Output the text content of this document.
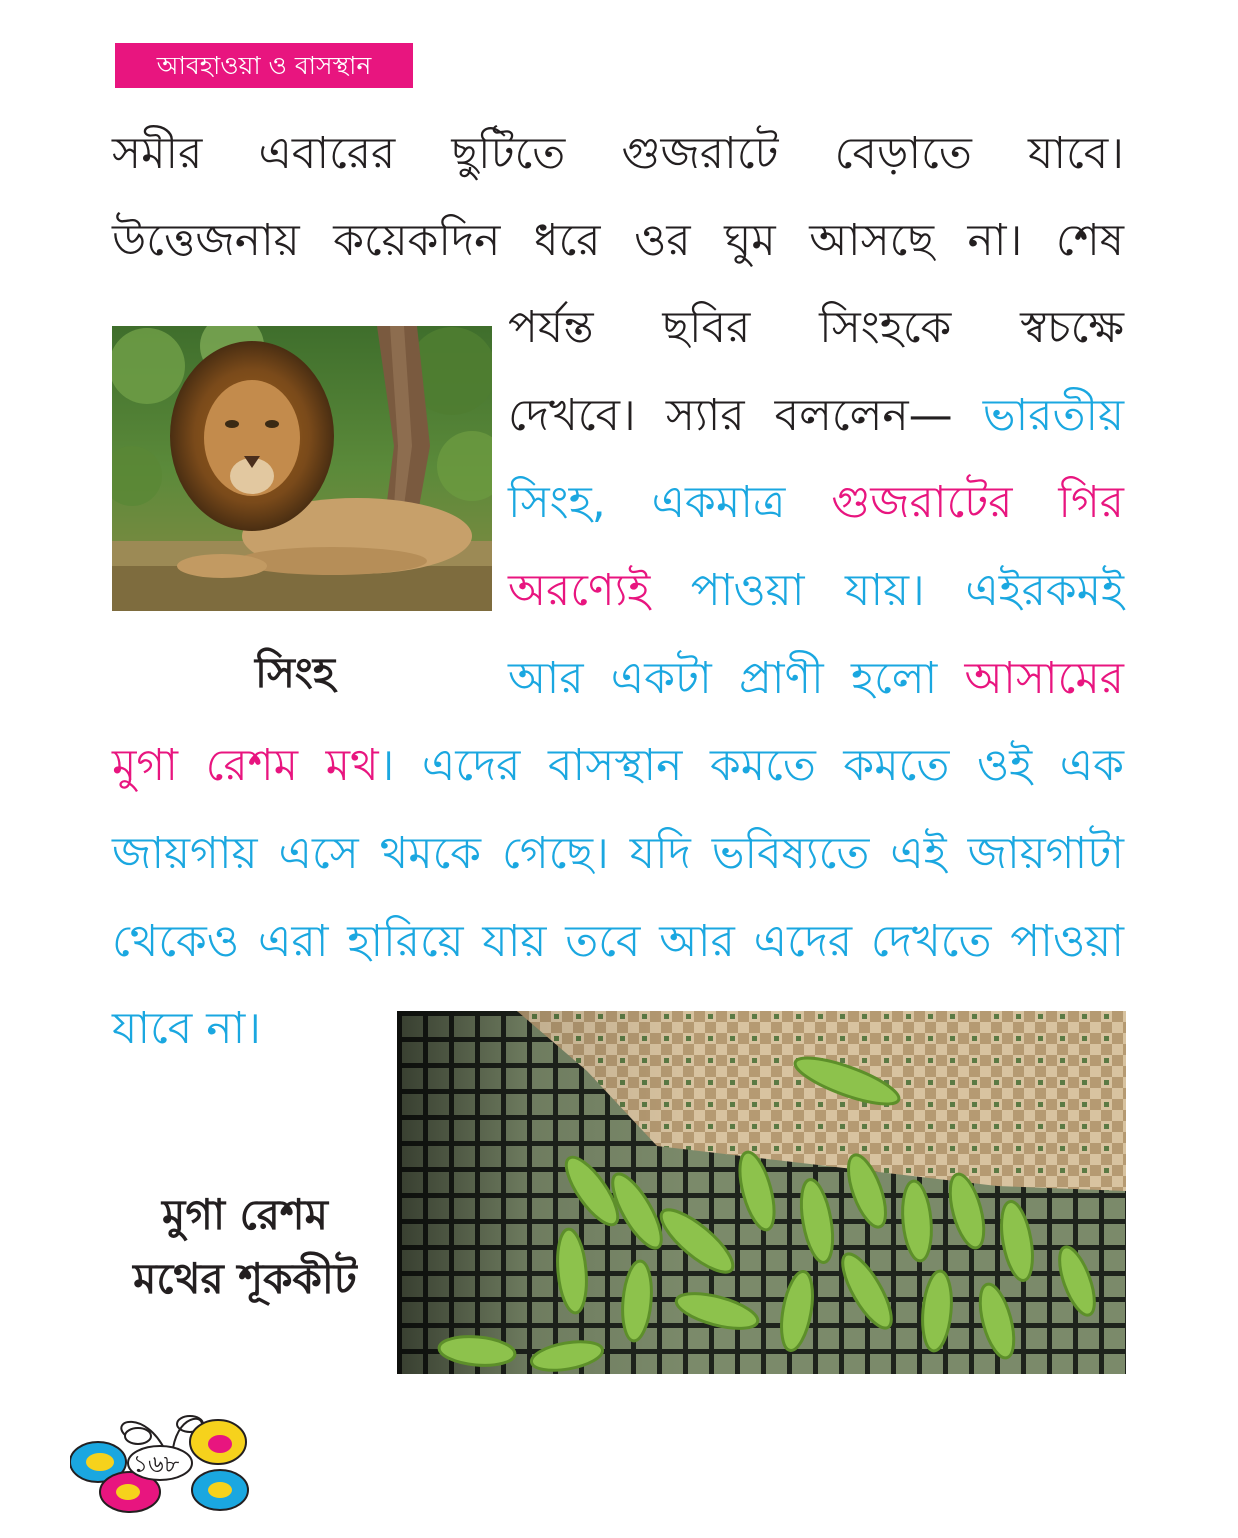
আবহাওয়া ও বাসস্থান
সমীর এবারের ছুটিতে গুজরাটে বেড়াতে যাবে।
উত্তেজনায় কয়েকদিন ধরে ওর ঘুম আসছে না। শেষ
পর্যন্ত ছবির সিংহকে স্বচক্ষে
দেখবে। স্যার বললেন— ভারতীয়
সিংহ, একমাত্র গুজরাটের গির
অরণ্যেই পাওয়া যায়। এইরকমই
আর একটা প্রাণী হলো আসামের
মুগা রেশম মথ। এদের বাসস্থান কমতে কমতে ওই এক
জায়গায় এসে থমকে গেছে। যদি ভবিষ্যতে এই জায়গাটা
থেকেও এরা হারিয়ে যায় তবে আর এদের দেখতে পাওয়া
যাবে না।
সিংহ
মুগা রেশম
মথের শূককীট
১৬৮
